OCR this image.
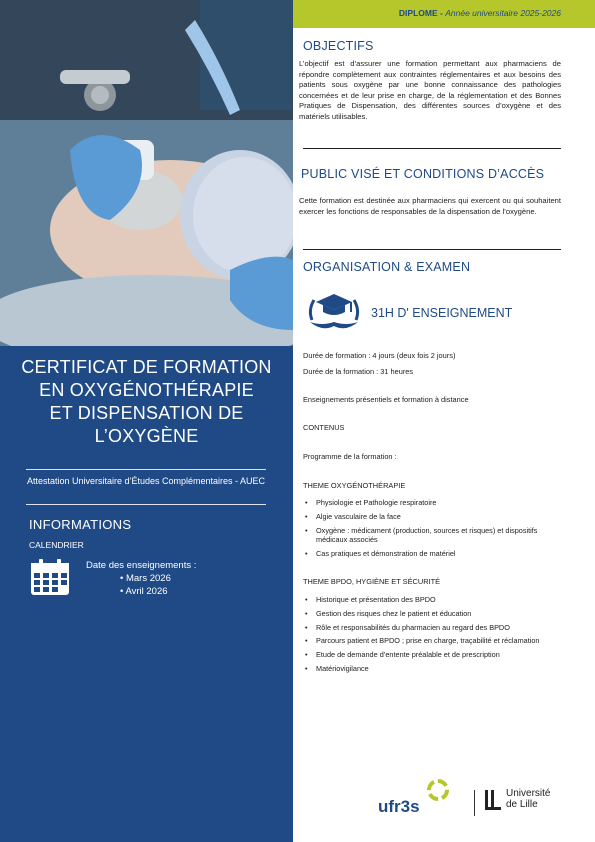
CERTIFICAT DE FORMATION
EN OXYGÉNOTHÉRAPIE
ET DISPENSATION DE
L’OXYGÈNE
Attestation Universitaire d’Études Complémentaires - AUEC
INFORMATIONS
CALENDRIER
Date des enseignements :
• Mars 2026
• Avril 2026
DIPLOME - Année universitaire 2025-2026
OBJECTIFS
L’objectif est d’assurer une formation permettant aux pharmaciens de répondre complètement aux contraintes réglementaires et aux besoins des patients sous oxygène par une bonne connaissance des pathologies concernées et de leur prise en charge, de la réglementation et des Bonnes Pratiques de Dispensation, des différentes sources d’oxygène et des matériels utilisables.
PUBLIC VISÉ ET CONDITIONS D’ACCÈS
Cette formation est destinée aux pharmaciens qui exercent ou qui souhaitent exercer les fonctions de responsables de la dispensation de l’oxygène.
ORGANISATION & EXAMEN
31H D' ENSEIGNEMENT
Durée de formation : 4 jours (deux fois 2 jours)
Durée de la formation : 31 heures
Enseignements présentiels et formation à distance
CONTENUS
Programme de la formation :
THEME OXYGÉNOTHÉRAPIE
• Physiologie et Pathologie respiratoire
• Algie vasculaire de la face
• Oxygène : médicament (production, sources et risques) et dispositifs médicaux associés
• Cas pratiques et démonstration de matériel
THEME BPDO, HYGIÈNE ET SÉCURITÉ
• Historique et présentation des BPDO
• Gestion des risques chez le patient et éducation
• Rôle et responsabilités du pharmacien au regard des BPDO
• Parcours patient et BPDO ; prise en charge, traçabilité et réclamation
• Etude de demande d’entente préalable et de prescription
• Matériovigilance
ufr3s
Université
de Lille
